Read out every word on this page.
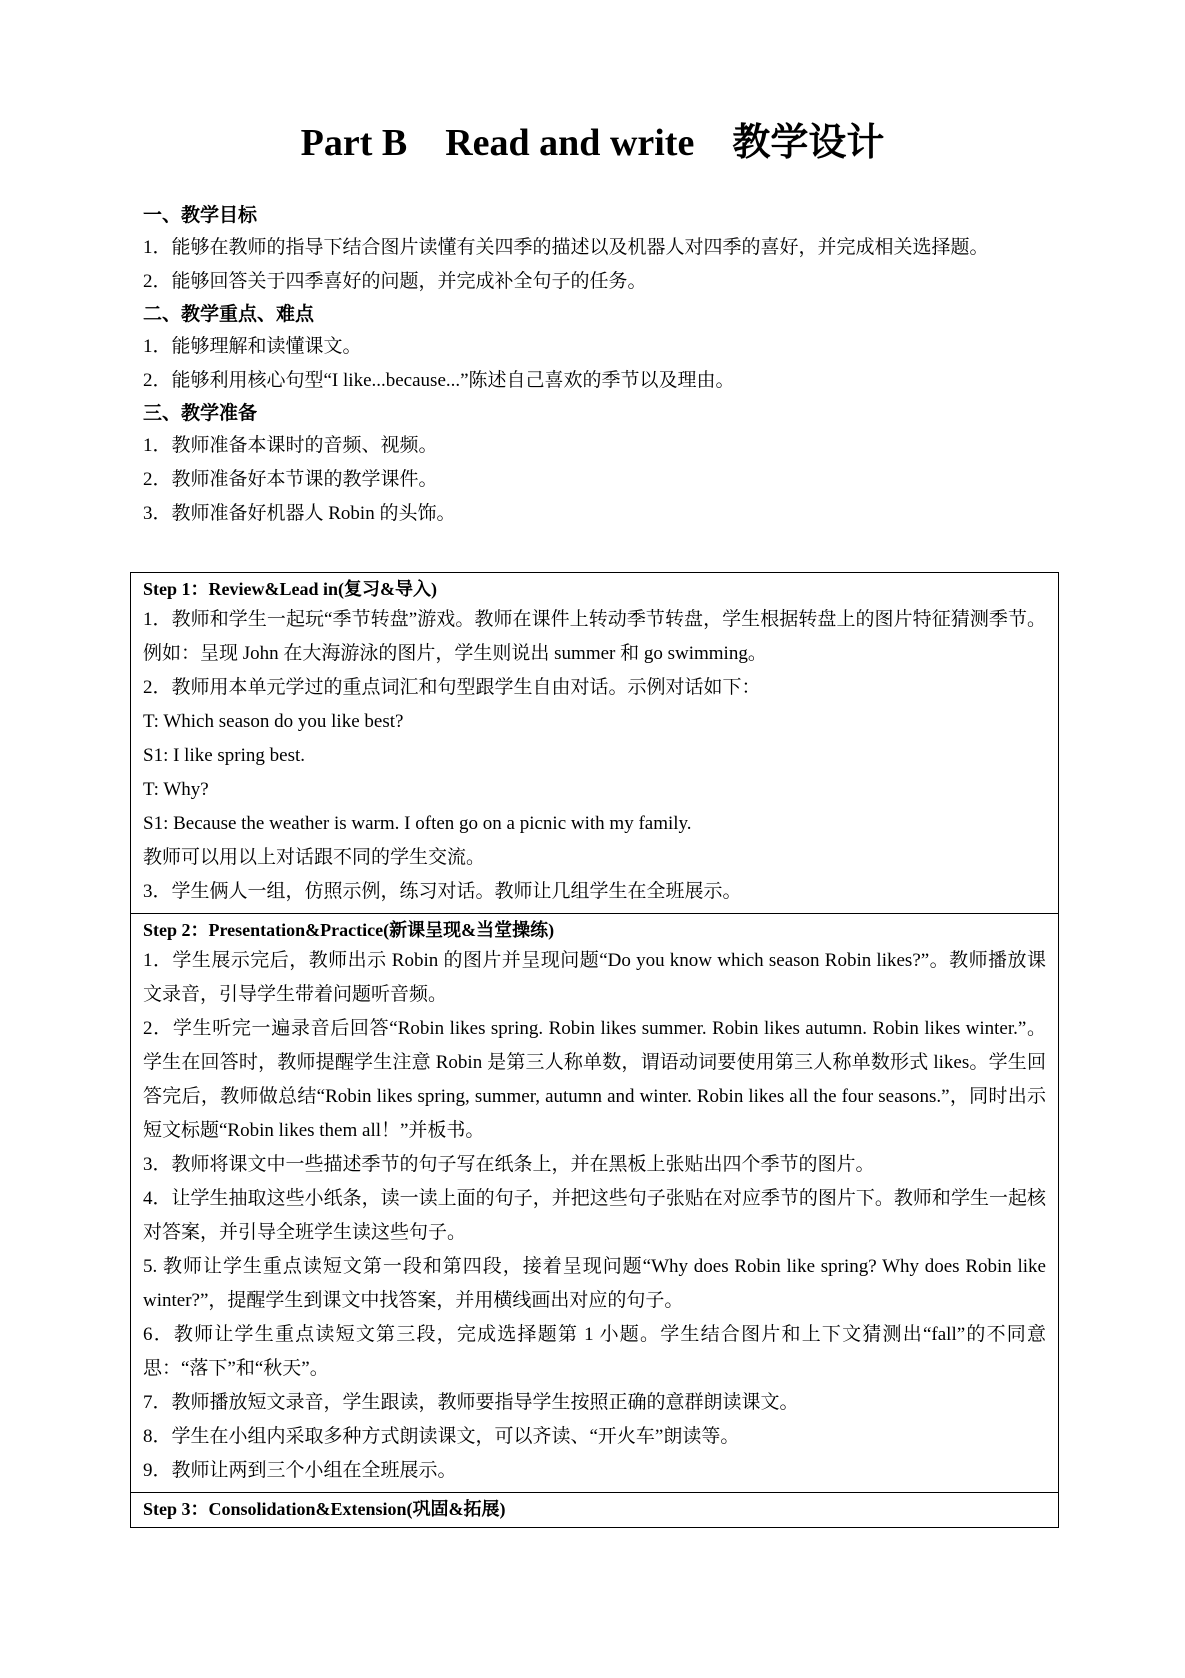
Part B    Read and write    教学设计

一、教学目标

1．能够在教师的指导下结合图片读懂有关四季的描述以及机器人对四季的喜好，并完成相关选择题。

2．能够回答关于四季喜好的问题，并完成补全句子的任务。

二、教学重点、难点

1．能够理解和读懂课文。

2．能够利用核心句型“I like...because...”陈述自己喜欢的季节以及理由。

三、教学准备

1．教师准备本课时的音频、视频。

2．教师准备好本节课的教学课件。

3．教师准备好机器人 Robin 的头饰。

Step 1：Review&Lead in(复习&导入)

1．教师和学生一起玩“季节转盘”游戏。教师在课件上转动季节转盘，学生根据转盘上的图片特征猜测季节。例如：呈现 John 在大海游泳的图片，学生则说出 summer 和 go swimming。

2．教师用本单元学过的重点词汇和句型跟学生自由对话。示例对话如下：

T: Which season do you like best?

S1: I like spring best.

T: Why?

S1: Because the weather is warm. I often go on a picnic with my family.

教师可以用以上对话跟不同的学生交流。

3．学生俩人一组，仿照示例，练习对话。教师让几组学生在全班展示。

Step 2：Presentation&Practice(新课呈现&当堂操练)

1．学生展示完后，教师出示 Robin 的图片并呈现问题“Do you know which season Robin likes?”。教师播放课文录音，引导学生带着问题听音频。

2．学生听完一遍录音后回答“Robin likes spring. Robin likes summer. Robin likes autumn. Robin likes winter.”。学生在回答时，教师提醒学生注意 Robin 是第三人称单数，谓语动词要使用第三人称单数形式 likes。学生回答完后，教师做总结“Robin likes spring, summer, autumn and winter. Robin likes all the four seasons.”，同时出示短文标题“Robin likes them all！”并板书。

3．教师将课文中一些描述季节的句子写在纸条上，并在黑板上张贴出四个季节的图片。

4．让学生抽取这些小纸条，读一读上面的句子，并把这些句子张贴在对应季节的图片下。教师和学生一起核对答案，并引导全班学生读这些句子。

5. 教师让学生重点读短文第一段和第四段，接着呈现问题“Why does Robin like spring? Why does Robin like winter?”，提醒学生到课文中找答案，并用横线画出对应的句子。

6．教师让学生重点读短文第三段，完成选择题第 1 小题。学生结合图片和上下文猜测出“fall”的不同意思：“落下”和“秋天”。

7．教师播放短文录音，学生跟读，教师要指导学生按照正确的意群朗读课文。

8．学生在小组内采取多种方式朗读课文，可以齐读、“开火车”朗读等。

9．教师让两到三个小组在全班展示。

Step 3：Consolidation&Extension(巩固&拓展)
